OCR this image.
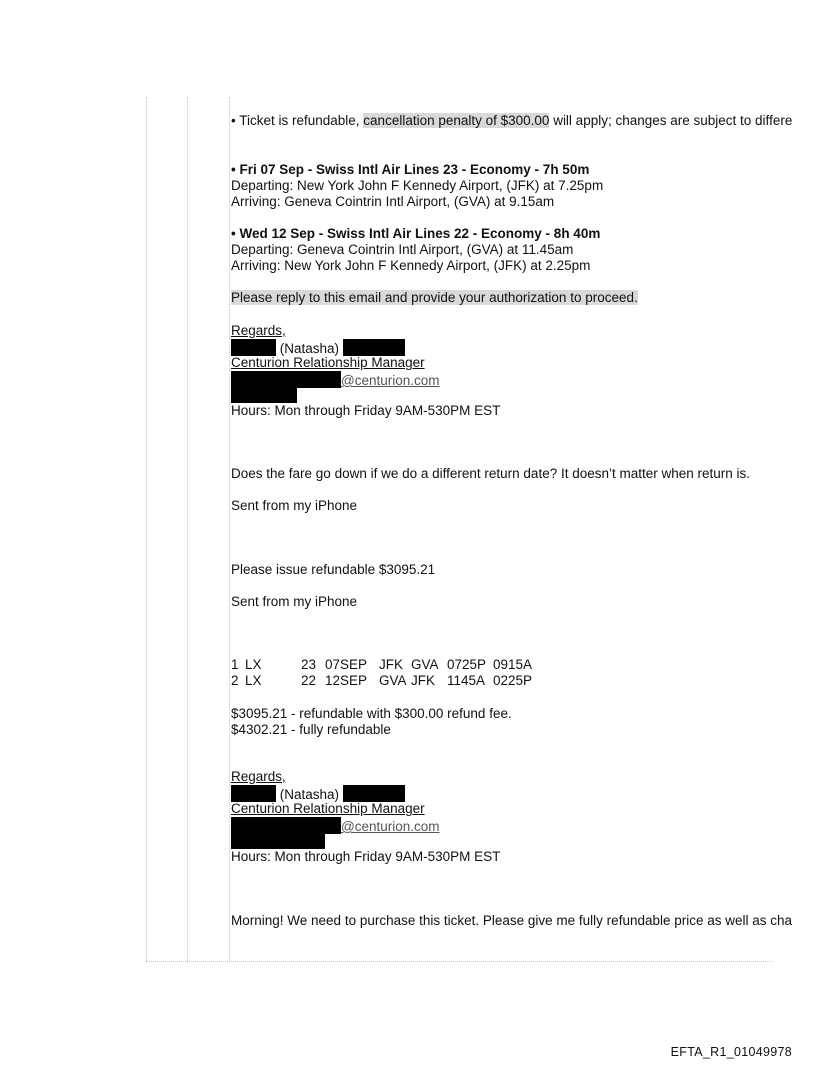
• Ticket is refundable, cancellation penalty of $300.00 will apply; changes are subject to differe
• Fri 07 Sep - Swiss Intl Air Lines 23 - Economy - 7h 50m
Departing: New York John F Kennedy Airport, (JFK) at 7.25pm
Arriving: Geneva Cointrin Intl Airport, (GVA) at 9.15am
• Wed 12 Sep - Swiss Intl Air Lines 22 - Economy - 8h 40m
Departing: Geneva Cointrin Intl Airport, (GVA) at 11.45am
Arriving: New York John F Kennedy Airport, (JFK) at 2.25pm
Please reply to this email and provide your authorization to proceed.
Regards,
(Natasha)
Centurion Relationship Manager
@centurion.com
Hours: Mon through Friday 9AM-530PM EST
Does the fare go down if we do a different return date? It doesn’t matter when return is.
Sent from my iPhone
Please issue refundable $3095.21
Sent from my iPhone
1 LX	23 07SEP JFK GVA 0725P 0915A
2 LX	22 12SEP GVA JFK 1145A 0225P
$3095.21 - refundable with $300.00 refund fee.
$4302.21 - fully refundable
Regards,
(Natasha)
Centurion Relationship Manager
@centurion.com
Hours: Mon through Friday 9AM-530PM EST
Morning! We need to purchase this ticket. Please give me fully refundable price as well as cha
EFTA_R1_01049978
